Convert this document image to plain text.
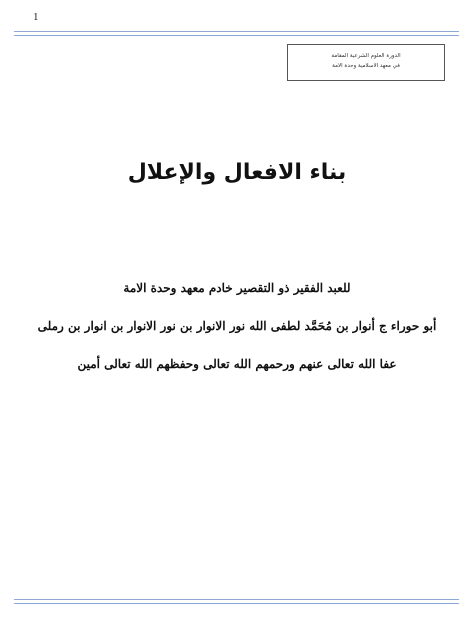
1
الدورة العلوم الشرعية المقامة
في معهد الاسلامية وحدة الامة
بناء الافعال والإعلال
للعبد الفقير ذو التقصير خادم معهد وحدة الامة
أبو حوراء ج أنوار بن مُحَمَّد لطفى الله نور الانوار بن نور الانوار بن انوار بن رملى
عفا الله تعالى عنهم ورحمهم الله تعالى وحفظهم الله تعالى أمين
